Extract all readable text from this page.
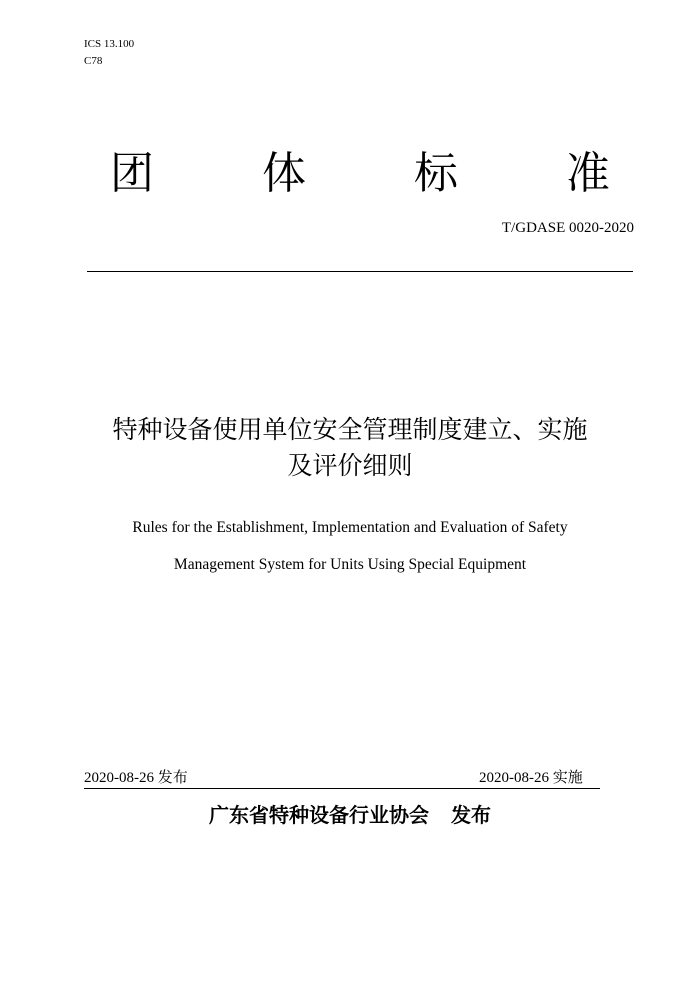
ICS 13.100
C78
团 体 标 准
T/GDASE 0020-2020
特种设备使用单位安全管理制度建立、实施
及评价细则
Rules for the Establishment, Implementation and Evaluation of Safety
Management System for Units Using Special Equipment
2020-08-26 发布	2020-08-26 实施
广东省特种设备行业协会 发布
